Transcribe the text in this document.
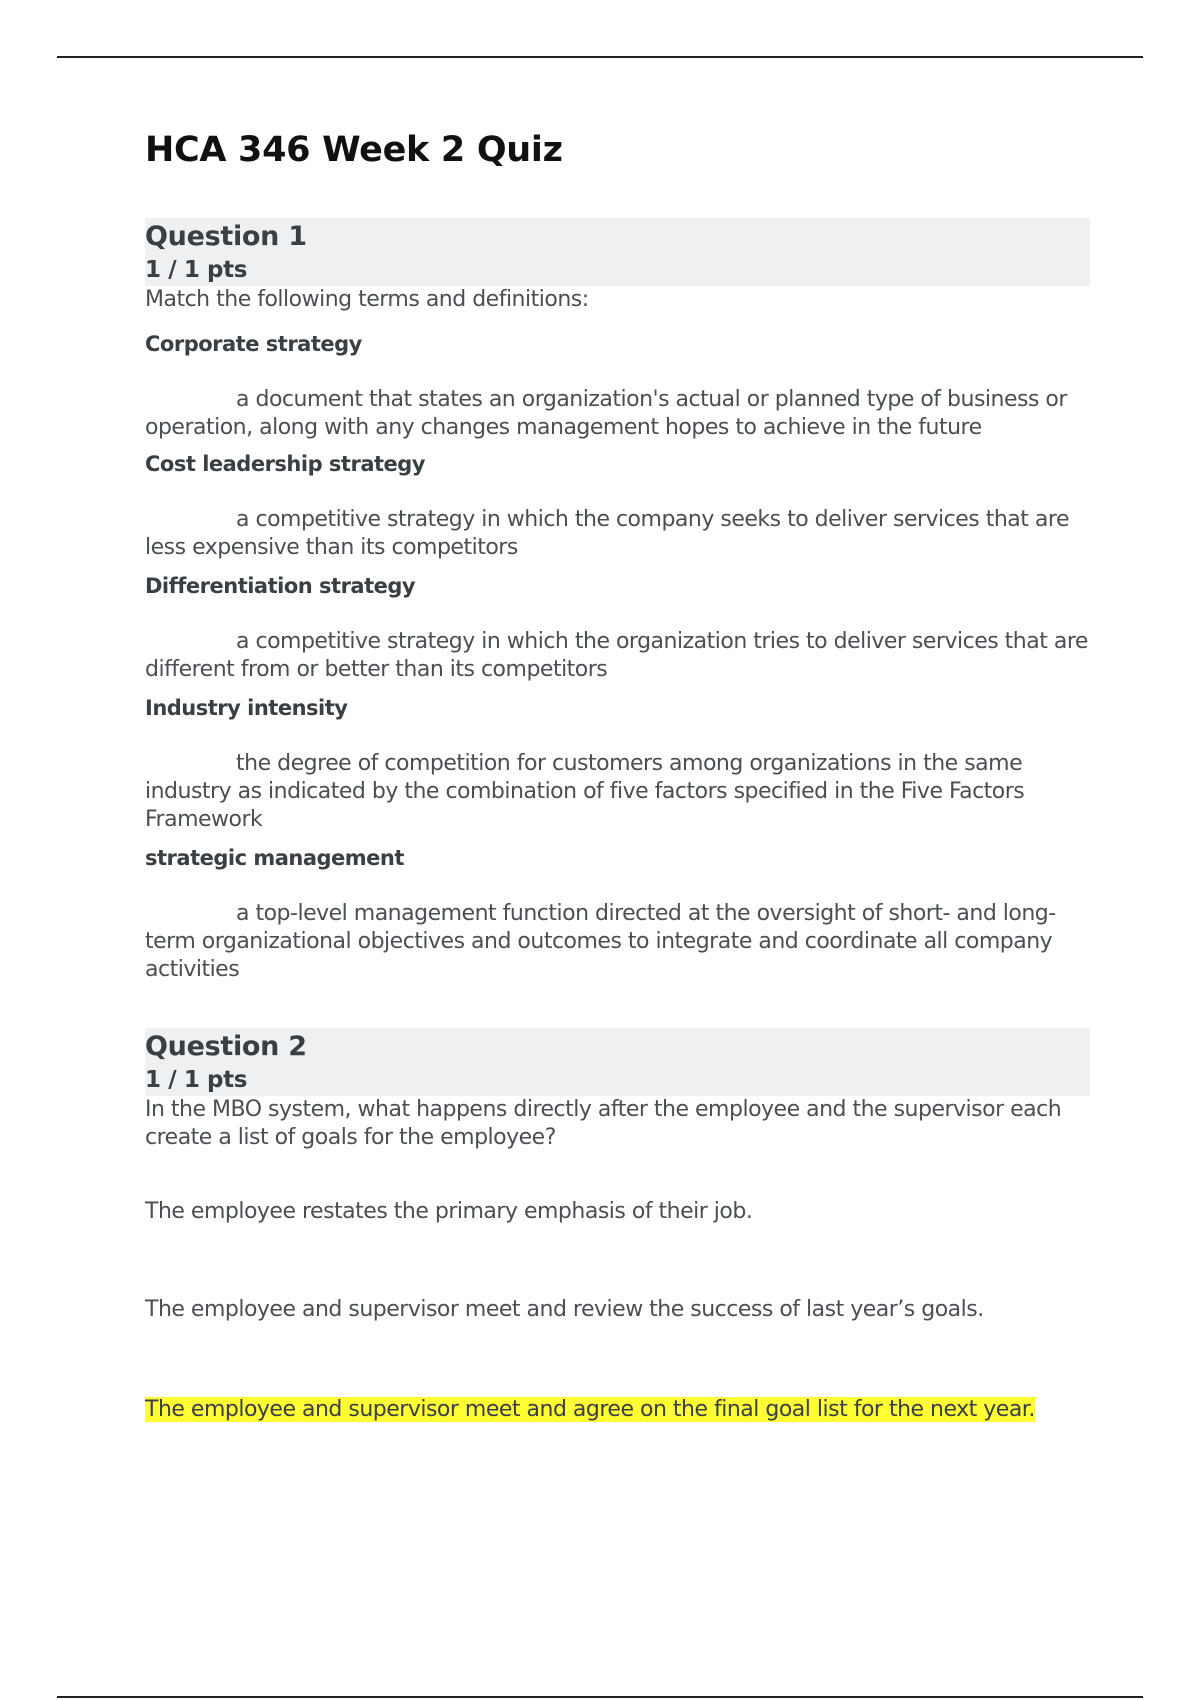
HCA 346 Week 2 Quiz
Question 1
1 / 1 pts

Match the following terms and definitions:

Corporate strategy

a document that states an organization's actual or planned type of business or operation, along with any changes management hopes to achieve in the future

Cost leadership strategy

a competitive strategy in which the company seeks to deliver services that are less expensive than its competitors

Differentiation strategy

a competitive strategy in which the organization tries to deliver services that are different from or better than its competitors

Industry intensity

the degree of competition for customers among organizations in the same industry as indicated by the combination of five factors specified in the Five Factors Framework

strategic management

a top-level management function directed at the oversight of short- and long-term organizational objectives and outcomes to integrate and coordinate all company activities

Question 2
1 / 1 pts

In the MBO system, what happens directly after the employee and the supervisor each create a list of goals for the employee?

The employee restates the primary emphasis of their job.

The employee and supervisor meet and review the success of last year’s goals.

The employee and supervisor meet and agree on the final goal list for the next year.
